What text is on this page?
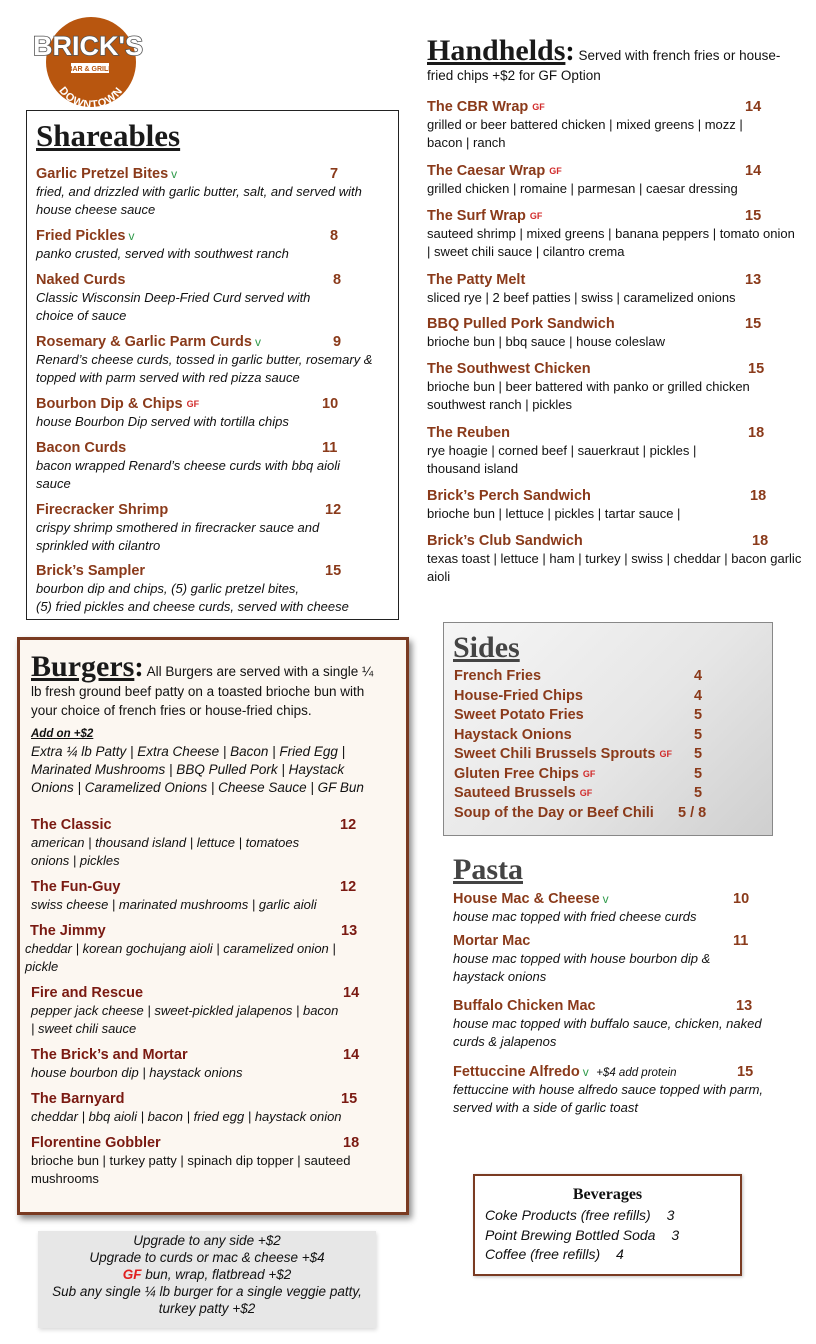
DOWNTOWN
BRICK'S
BAR & GRILL
Shareables
Garlic Pretzel Bites v	7
fried, and drizzled with garlic butter, salt, and served with house cheese sauce
Fried Pickles v	8
panko crusted, served with southwest ranch
Naked Curds	8
Classic Wisconsin Deep-Fried Curd served with choice of sauce
Rosemary & Garlic Parm Curds v	9
Renard’s cheese curds, tossed in garlic butter, rosemary & topped with parm served with red pizza sauce
Bourbon Dip & Chips GF	10
house Bourbon Dip served with tortilla chips
Bacon Curds	11
bacon wrapped Renard’s cheese curds with bbq aioli sauce
Firecracker Shrimp	12
crispy shrimp smothered in firecracker sauce and sprinkled with cilantro
Brick’s Sampler	15
bourbon dip and chips, (5) garlic pretzel bites,
(5) fried pickles and cheese curds, served with cheese
Burgers: All Burgers are served with a single ¼ lb fresh ground beef patty on a toasted brioche bun with your choice of french fries or house-fried chips.
Add on +$2
Extra ¼ lb Patty | Extra Cheese | Bacon | Fried Egg | Marinated Mushrooms | BBQ Pulled Pork | Haystack Onions | Caramelized Onions | Cheese Sauce | GF Bun
The Classic	12
american | thousand island | lettuce | tomatoes onions | pickles
The Fun-Guy	12
swiss cheese | marinated mushrooms | garlic aioli
The Jimmy	13
cheddar | korean gochujang aioli | caramelized onion | pickle
Fire and Rescue	14
pepper jack cheese | sweet-pickled jalapenos | bacon | sweet chili sauce
The Brick’s and Mortar	14
house bourbon dip | haystack onions
The Barnyard	15
cheddar | bbq aioli | bacon | fried egg | haystack onion
Florentine Gobbler	18
brioche bun | turkey patty | spinach dip topper | sauteed mushrooms
Upgrade to any side +$2
Upgrade to curds or mac & cheese +$4
GF bun, wrap, flatbread +$2
Sub any single ¼ lb burger for a single veggie patty, turkey patty +$2
Handhelds: Served with french fries or house-fried chips +$2 for GF Option
The CBR Wrap GF	14
grilled or beer battered chicken | mixed greens | mozz | bacon | ranch
The Caesar Wrap GF	14
grilled chicken | romaine | parmesan | caesar dressing
The Surf Wrap GF	15
sauteed shrimp | mixed greens | banana peppers | tomato onion | sweet chili sauce | cilantro crema
The Patty Melt	13
sliced rye | 2 beef patties | swiss | caramelized onions
BBQ Pulled Pork Sandwich	15
brioche bun | bbq sauce | house coleslaw
The Southwest Chicken	15
brioche bun | beer battered with panko or grilled chicken southwest ranch | pickles
The Reuben	18
rye hoagie | corned beef | sauerkraut | pickles | thousand island
Brick’s Perch Sandwich	18
brioche bun | lettuce | pickles | tartar sauce |
Brick’s Club Sandwich	18
texas toast | lettuce | ham | turkey | swiss | cheddar | bacon garlic aioli
Sides
French Fries	4
House-Fried Chips	4
Sweet Potato Fries	5
Haystack Onions	5
Sweet Chili Brussels Sprouts GF 5
Gluten Free Chips GF	5
Sauteed Brussels GF	5
Soup of the Day or Beef Chili 5 / 8
Pasta
House Mac & Cheese v	10
house mac topped with fried cheese curds
Mortar Mac	11
house mac topped with house bourbon dip & haystack onions
Buffalo Chicken Mac	13
house mac topped with buffalo sauce, chicken, naked curds & jalapenos
Fettuccine Alfredo v +$4 add protein	15
fettuccine with house alfredo sauce topped with parm, served with a side of garlic toast
Beverages
Coke Products (free refills) 3
Point Brewing Bottled Soda 3
Coffee (free refills) 4
